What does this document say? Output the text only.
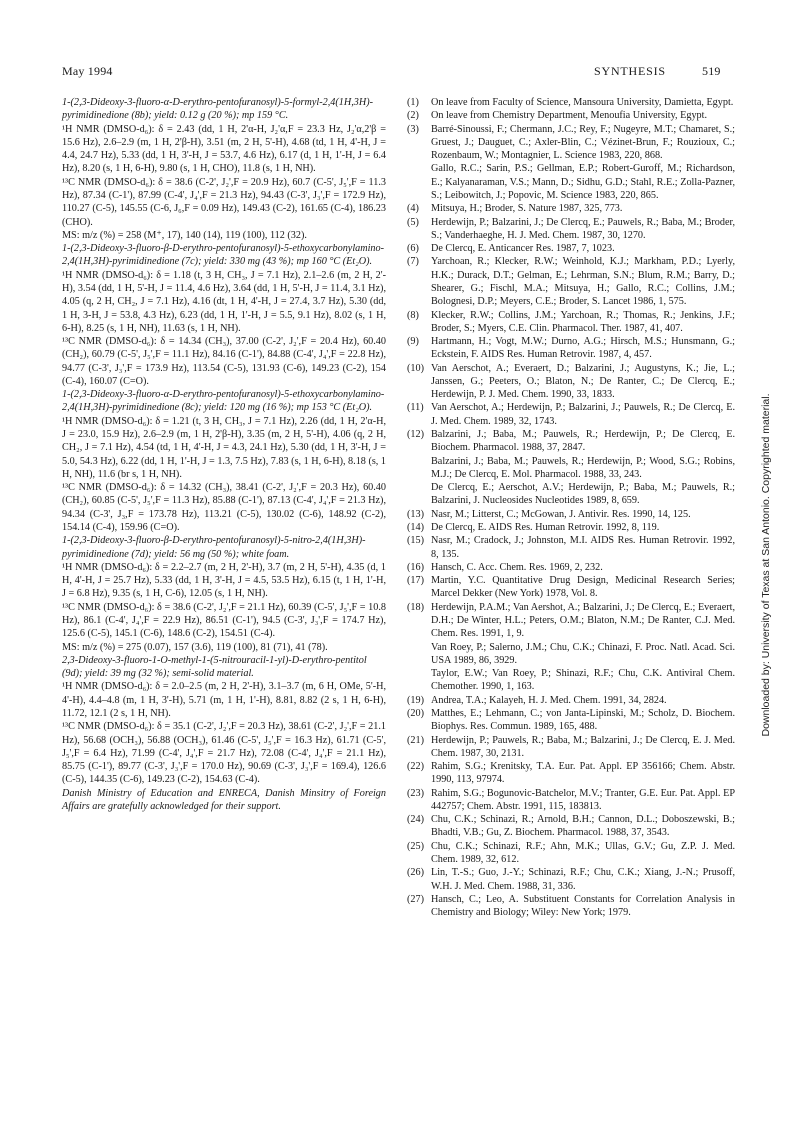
May 1994	SYNTHESIS	519

1-(2,3-Dideoxy-3-fluoro-α-D-erythro-pentofuranosyl)-5-formyl-2,4(1H,3H)-pyrimidinedione (8b); yield: 0.12 g (20 %); mp 159 °C.

¹H NMR (DMSO-d₆): δ = 2.43 (dd, 1 H, 2'α-H, J₂'α,F = 23.3 Hz, J₂'α,2'β = 15.6 Hz), 2.6–2.9 (m, 1 H, 2'β-H), 3.51 (m, 2 H, 5'-H), 4.68 (td, 1 H, 4'-H, J = 4.4, 24.7 Hz), 5.33 (dd, 1 H, 3'-H, J = 53.7, 4.6 Hz), 6.17 (d, 1 H, 1'-H, J = 6.4 Hz), 8.20 (s, 1 H, 6-H), 9.80 (s, 1 H, CHO), 11.8 (s, 1 H, NH).

¹³C NMR (DMSO-d₆): δ = 38.6 (C-2', J₂',F = 20.9 Hz), 60.7 (C-5', J₅',F = 11.3 Hz), 87.34 (C-1'), 87.99 (C-4', J₄',F = 21.3 Hz), 94.43 (C-3', J₃',F = 172.9 Hz), 110.27 (C-5), 145.55 (C-6, J₆,F = 0.09 Hz), 149.43 (C-2), 161.65 (C-4), 186.23 (CHO).

MS: m/z (%) = 258 (M⁺, 17), 140 (14), 119 (100), 112 (32).

1-(2,3-Dideoxy-3-fluoro-β-D-erythro-pentofuranosyl)-5-ethoxycarbonylamino-2,4(1H,3H)-pyrimidinedione (7c); yield: 330 mg (43 %); mp 160 °C (Et₂O).

¹H NMR (DMSO-d₆): δ = 1.18 (t, 3 H, CH₃, J = 7.1 Hz), 2.1–2.6 (m, 2 H, 2'-H), 3.54 (dd, 1 H, 5'-H, J = 11.4, 4.6 Hz), 3.64 (dd, 1 H, 5'-H, J = 11.4, 3.1 Hz), 4.05 (q, 2 H, CH₂, J = 7.1 Hz), 4.16 (dt, 1 H, 4'-H, J = 27.4, 3.7 Hz), 5.30 (dd, 1 H, 3-H, J = 53.8, 4.3 Hz), 6.23 (dd, 1 H, 1'-H, J = 5.5, 9.1 Hz), 8.02 (s, 1 H, 6-H), 8.25 (s, 1 H, NH), 11.63 (s, 1 H, NH).

¹³C NMR (DMSO-d₆): δ = 14.34 (CH₃), 37.00 (C-2', J₂',F = 20.4 Hz), 60.40 (CH₂), 60.79 (C-5', J₅',F = 11.1 Hz), 84.16 (C-1'), 84.88 (C-4', J₄',F = 22.8 Hz), 94.77 (C-3', J₃',F = 173.9 Hz), 113.54 (C-5), 131.93 (C-6), 149.23 (C-2), 154 (C-4), 160.07 (C=O).

1-(2,3-Dideoxy-3-fluoro-α-D-erythro-pentofuranosyl)-5-ethoxycarbonylamino-2,4(1H,3H)-pyrimidinedione (8c); yield: 120 mg (16 %); mp 153 °C (Et₂O).

¹H NMR (DMSO-d₆): δ = 1.21 (t, 3 H, CH₃, J = 7.1 Hz), 2.26 (dd, 1 H, 2'α-H, J = 23.0, 15.9 Hz), 2.6–2.9 (m, 1 H, 2'β-H), 3.35 (m, 2 H, 5'-H), 4.06 (q, 2 H, CH₂, J = 7.1 Hz), 4.54 (td, 1 H, 4'-H, J = 4.3, 24.1 Hz), 5.30 (dd, 1 H, 3'-H, J = 5.0, 54.3 Hz), 6.22 (dd, 1 H, 1'-H, J = 1.3, 7.5 Hz), 7.83 (s, 1 H, 6-H), 8.18 (s, 1 H, NH), 11.6 (br s, 1 H, NH).

¹³C NMR (DMSO-d₆): δ = 14.32 (CH₃), 38.41 (C-2', J₂',F = 20.3 Hz), 60.40 (CH₂), 60.85 (C-5', J₅',F = 11.3 Hz), 85.88 (C-1'), 87.13 (C-4', J₄',F = 21.3 Hz), 94.34 (C-3', J₃,F = 173.78 Hz), 113.21 (C-5), 130.02 (C-6), 148.92 (C-2), 154.14 (C-4), 159.96 (C=O).

1-(2,3-Dideoxy-3-fluoro-β-D-erythro-pentofuranosyl)-5-nitro-2,4(1H,3H)-pyrimidinedione (7d); yield: 56 mg (50 %); white foam.

¹H NMR (DMSO-d₆): δ = 2.2–2.7 (m, 2 H, 2'-H), 3.7 (m, 2 H, 5'-H), 4.35 (d, 1 H, 4'-H, J = 25.7 Hz), 5.33 (dd, 1 H, 3'-H, J = 4.5, 53.5 Hz), 6.15 (t, 1 H, 1'-H, J = 6.8 Hz), 9.35 (s, 1 H, C-6), 12.05 (s, 1 H, NH).

¹³C NMR (DMSO-d₆): δ = 38.6 (C-2', J₂',F = 21.1 Hz), 60.39 (C-5', J₅',F = 10.8 Hz), 86.1 (C-4', J₄',F = 22.9 Hz), 86.51 (C-1'), 94.5 (C-3', J₃',F = 174.7 Hz), 125.6 (C-5), 145.1 (C-6), 148.6 (C-2), 154.51 (C-4).

MS: m/z (%) = 275 (0.07), 157 (3.6), 119 (100), 81 (71), 41 (78).

2,3-Dideoxy-3-fluoro-1-O-methyl-1-(5-nitrouracil-1-yl)-D-erythro-pentitol (9d); yield: 39 mg (32 %); semi-solid material.

¹H NMR (DMSO-d₆): δ = 2.0–2.5 (m, 2 H, 2'-H), 3.1–3.7 (m, 6 H, OMe, 5'-H, 4'-H), 4.4–4.8 (m, 1 H, 3'-H), 5.71 (m, 1 H, 1'-H), 8.81, 8.82 (2 s, 1 H, 6-H), 11.72, 12.1 (2 s, 1 H, NH).

¹³C NMR (DMSO-d₆): δ = 35.1 (C-2', J₂',F = 20.3 Hz), 38.61 (C-2', J₂',F = 21.1 Hz), 56.68 (OCH₃), 56.88 (OCH₃), 61.46 (C-5', J₅',F = 16.3 Hz), 61.71 (C-5', J₅',F = 6.4 Hz), 71.99 (C-4', J₄',F = 21.7 Hz), 72.08 (C-4', J₄',F = 21.1 Hz), 85.75 (C-1'), 89.77 (C-3', J₃',F = 170.0 Hz), 90.69 (C-3', J₃',F = 169.4), 126.6 (C-5), 144.35 (C-6), 149.23 (C-2), 154.63 (C-4).

Danish Ministry of Education and ENRECA, Danish Minsitry of Foreign Affairs are gratefully acknowledged for their support.

(1)	On leave from Faculty of Science, Mansoura University, Damietta, Egypt.
(2)	On leave from Chemistry Department, Menoufia University, Egypt.
(3)	Barré-Sinoussi, F.; Chermann, J.C.; Rey, F.; Nugeyre, M.T.; Chamaret, S.; Gruest, J.; Dauguet, C.; Axler-Blin, C.; Vézinet-Brun, F.; Rouzioux, C.; Rozenbaum, W.; Montagnier, L. Science 1983, 220, 868.

Gallo, R.C.; Sarin, P.S.; Gellman, E.P.; Robert-Guroff, M.; Richardson, E.; Kalyanaraman, V.S.; Mann, D.; Sidhu, G.D.; Stahl, R.E.; Zolla-Pazner, S.; Leibowitch, J.; Popovic, M. Science 1983, 220, 865.

(4)	Mitsuya, H.; Broder, S. Nature 1987, 325, 773.
(5)	Herdewijn, P.; Balzarini, J.; De Clercq, E.; Pauwels, R.; Baba, M.; Broder, S.; Vanderhaeghe, H. J. Med. Chem. 1987, 30, 1270.
(6)	De Clercq, E. Anticancer Res. 1987, 7, 1023.
(7)	Yarchoan, R.; Klecker, R.W.; Weinhold, K.J.; Markham, P.D.; Lyerly, H.K.; Durack, D.T.; Gelman, E.; Lehrman, S.N.; Blum, R.M.; Barry, D.; Shearer, G.; Fischl, M.A.; Mitsuya, H.; Gallo, R.C.; Collins, J.M.; Bolognesi, D.P.; Meyers, C.E.; Broder, S. Lancet 1986, 1, 575.
(8)	Klecker, R.W.; Collins, J.M.; Yarchoan, R.; Thomas, R.; Jenkins, J.F.; Broder, S.; Myers, C.E. Clin. Pharmacol. Ther. 1987, 41, 407.
(9)	Hartmann, H.; Vogt, M.W.; Durno, A.G.; Hirsch, M.S.; Hunsmann, G.; Eckstein, F. AIDS Res. Human Retrovir. 1987, 4, 457.
(10) Van Aerschot, A.; Everaert, D.; Balzarini, J.; Augustyns, K.; Jie, L.; Janssen, G.; Peeters, O.; Blaton, N.; De Ranter, C.; De Clercq, E.; Herdewijn, P. J. Med. Chem. 1990, 33, 1833.
(11) Van Aerschot, A.; Herdewijn, P.; Balzarini, J.; Pauwels, R.; De Clercq, E. J. Med. Chem. 1989, 32, 1743.
(12) Balzarini, J.; Baba, M.; Pauwels, R.; Herdewijn, P.; De Clercq, E. Biochem. Pharmacol. 1988, 37, 2847.

Balzarini, J.; Baba, M.; Pauwels, R.; Herdewijn, P.; Wood, S.G.; Robins, M.J.; De Clercq, E. Mol. Pharmacol. 1988, 33, 243.

De Clercq, E.; Aerschot, A.V.; Herdewijn, P.; Baba, M.; Pauwels, R.; Balzarini, J. Nucleosides Nucleotides 1989, 8, 659.

(13) Nasr, M.; Litterst, C.; McGowan, J. Antivir. Res. 1990, 14, 125.
(14) De Clercq, E. AIDS Res. Human Retrovir. 1992, 8, 119.
(15) Nasr, M.; Cradock, J.; Johnston, M.I. AIDS Res. Human Retrovir. 1992, 8, 135.
(16) Hansch, C. Acc. Chem. Res. 1969, 2, 232.
(17) Martin, Y.C. Quantitative Drug Design, Medicinal Research Series; Marcel Dekker (New York) 1978, Vol. 8.
(18) Herdewijn, P.A.M.; Van Aershot, A.; Balzarini, J.; De Clercq, E.; Everaert, D.H.; De Winter, H.L.; Peters, O.M.; Blaton, N.M.; De Ranter, C.J. Med. Chem. Res. 1991, 1, 9.

Van Roey, P.; Salerno, J.M.; Chu, C.K.; Chinazi, F. Proc. Natl. Acad. Sci. USA 1989, 86, 3929.

Taylor, E.W.; Van Roey, P.; Shinazi, R.F.; Chu, C.K. Antiviral Chem. Chemother. 1990, 1, 163.

(19) Andrea, T.A.; Kalayeh, H. J. Med. Chem. 1991, 34, 2824.
(20) Matthes, E.; Lehmann, C.; von Janta-Lipinski, M.; Scholz, D. Biochem. Biophys. Res. Commun. 1989, 165, 488.
(21) Herdewijn, P.; Pauwels, R.; Baba, M.; Balzarini, J.; De Clercq, E. J. Med. Chem. 1987, 30, 2131.
(22) Rahim, S.G.; Krenitsky, T.A. Eur. Pat. Appl. EP 356166; Chem. Abstr. 1990, 113, 97974.
(23) Rahim, S.G.; Bogunovic-Batchelor, M.V.; Tranter, G.E. Eur. Pat. Appl. EP 442757; Chem. Abstr. 1991, 115, 183813.
(24) Chu, C.K.; Schinazi, R.; Arnold, B.H.; Cannon, D.L.; Doboszewski, B.; Bhadti, V.B.; Gu, Z. Biochem. Pharmacol. 1988, 37, 3543.
(25) Chu, C.K.; Schinazi, R.F.; Ahn, M.K.; Ullas, G.V.; Gu, Z.P. J. Med. Chem. 1989, 32, 612.
(26) Lin, T.-S.; Guo, J.-Y.; Schinazi, R.F.; Chu, C.K.; Xiang, J.-N.; Prusoff, W.H. J. Med. Chem. 1988, 31, 336.
(27) Hansch, C.; Leo, A. Substituent Constants for Correlation Analysis in Chemistry and Biology; Wiley: New York; 1979.
Downloaded by: University of Texas at San Antonio. Copyrighted material.
